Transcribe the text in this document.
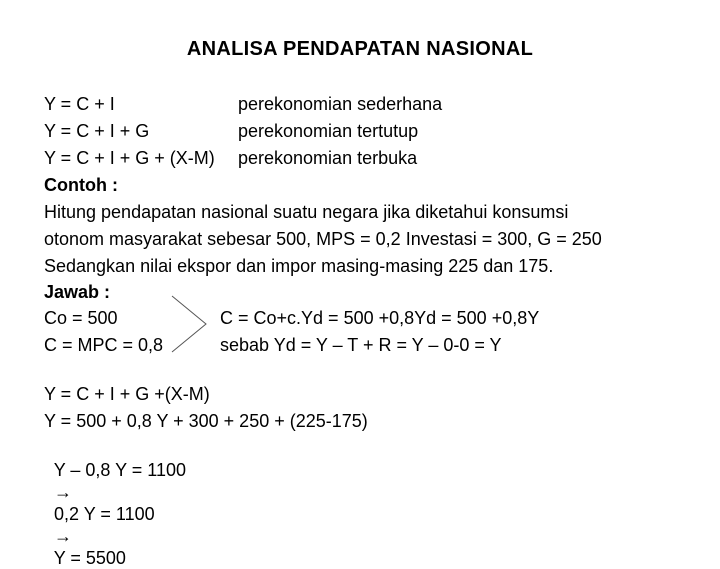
ANALISA PENDAPATAN NASIONAL
Y = C + I	perekonomian sederhana
Y = C + I + G	perekonomian tertutup
Y = C + I + G + (X-M) perekonomian terbuka
Contoh :
Hitung pendapatan nasional suatu negara jika diketahui konsumsi
otonom masyarakat sebesar 500, MPS = 0,2 Investasi = 300, G = 250
Sedangkan nilai ekspor dan impor masing-masing 225 dan 175.
Jawab :
Co = 500	C = Co+c.Yd = 500 +0,8Yd = 500 +0,8Y
C = MPC = 0,8	sebab Yd = Y – T + R = Y – 0-0 = Y
Y = C + I + G +(X-M)
Y = 500 + 0,8 Y + 300 + 250 + (225-175)

Y – 0,8 Y = 1100
→
0,2 Y = 1100
→
Y = 5500
